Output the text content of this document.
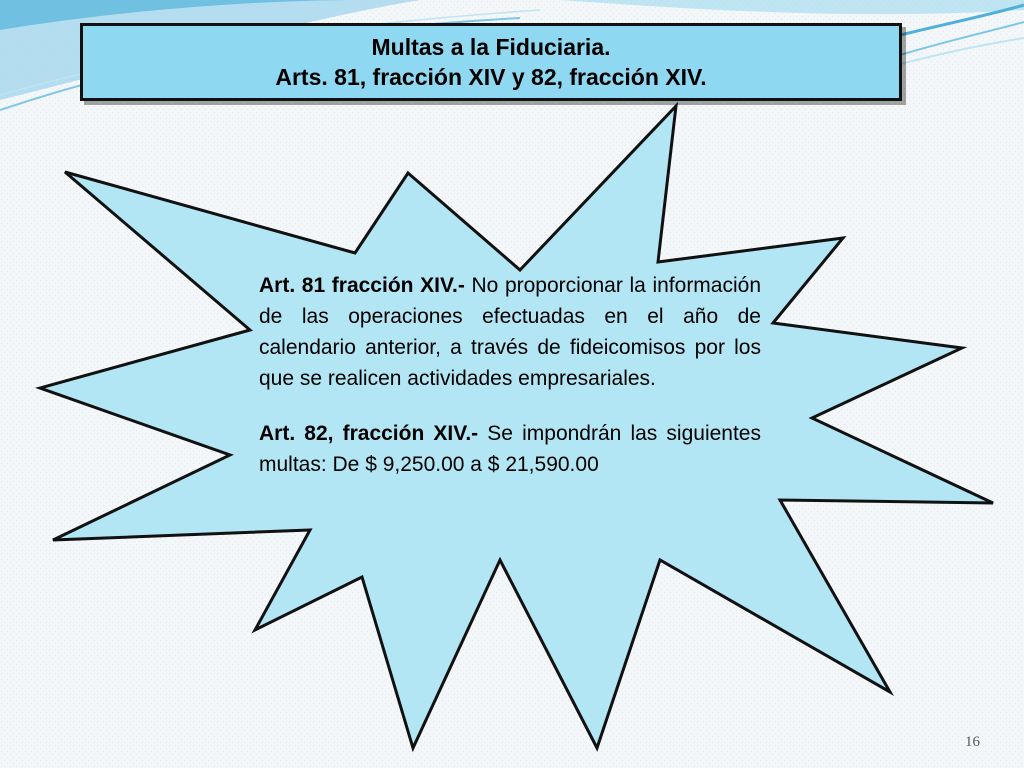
Multas a la Fiduciaria.
Arts. 81, fracción XIV y 82, fracción XIV.

Art. 81 fracción XIV.- No proporcionar la información de las operaciones efectuadas en el año de calendario anterior, a través de fideicomisos por los que se realicen actividades empresariales.

Art. 82, fracción XIV.- Se impondrán las siguientes multas: De $ 9,250.00 a $ 21,590.00

16
